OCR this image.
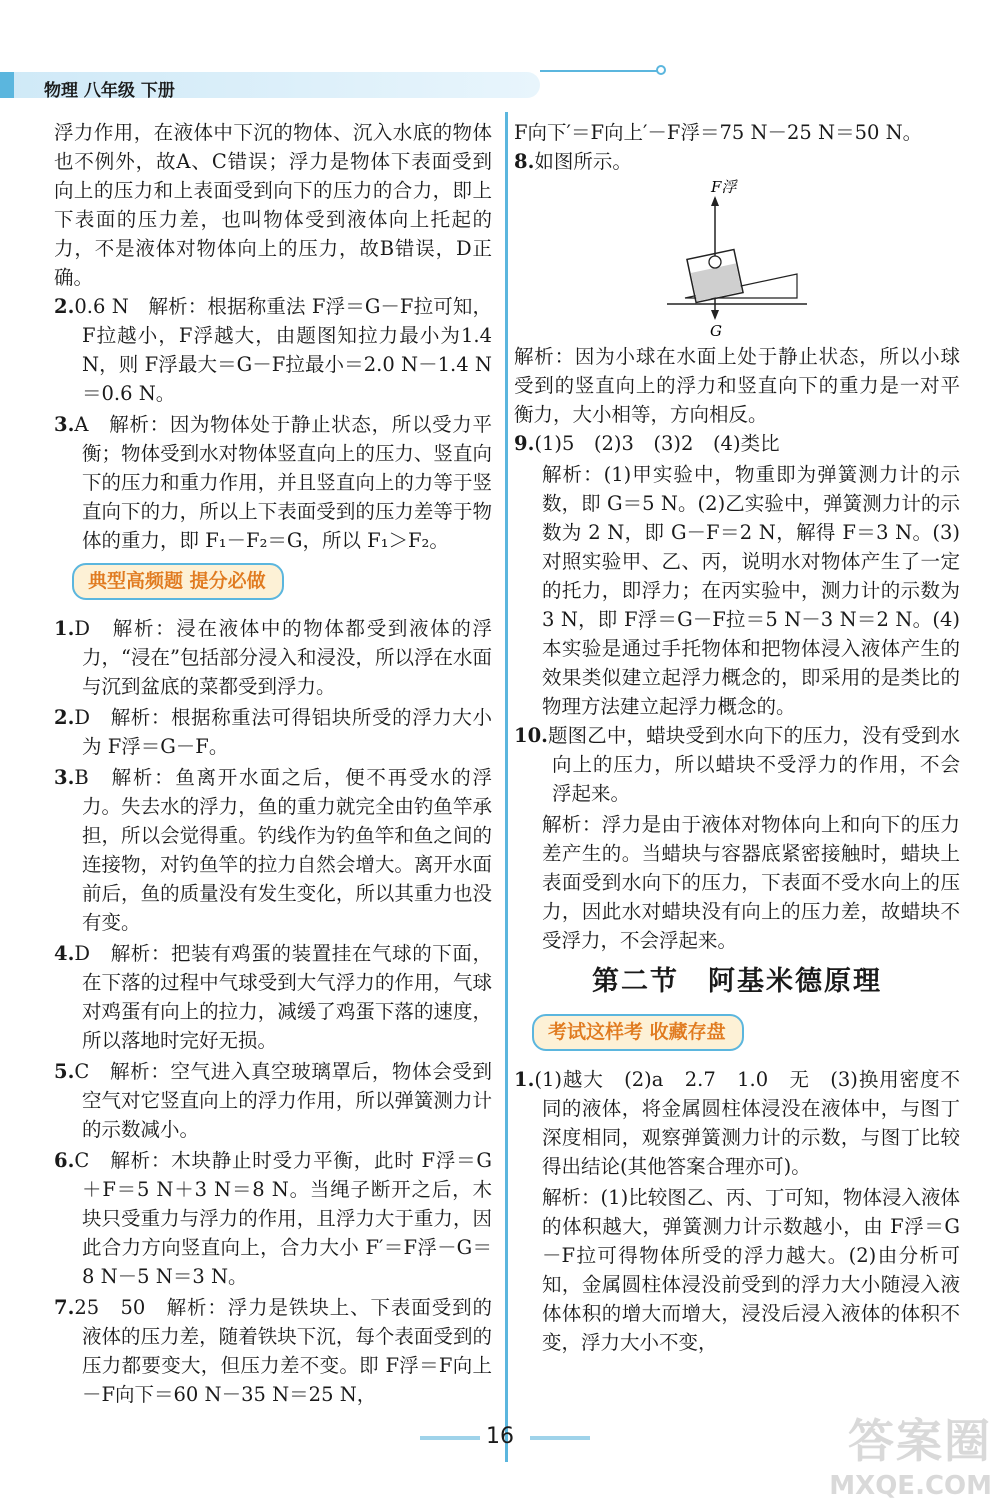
物理 八年级 下册

浮力作用，在液体中下沉的物体、沉入水底的物体也不例外，故A、C错误；浮力是物体下表面受到向上的压力和上表面受到向下的压力的合力，即上下表面的压力差，也叫物体受到液体向上托起的力，不是液体对物体向上的压力，故B错误，D正确。

2.0.6 N　解析：根据称重法 F浮＝G－F拉可知，F拉越小，F浮越大，由题图知拉力最小为1.4 N，则 F浮最大＝G－F拉最小＝2.0 N－1.4 N＝0.6 N。

3.A　解析：因为物体处于静止状态，所以受力平衡；物体受到水对物体竖直向上的压力、竖直向下的压力和重力作用，并且竖直向上的力等于竖直向下的力，所以上下表面受到的压力差等于物体的重力，即 F₁－F₂＝G，所以 F₁＞F₂。

典型高频题 提分必做

1.D　解析：浸在液体中的物体都受到液体的浮力，“浸在”包括部分浸入和浸没，所以浮在水面与沉到盆底的菜都受到浮力。

2.D　解析：根据称重法可得铝块所受的浮力大小为 F浮＝G－F。

3.B　解析：鱼离开水面之后，便不再受水的浮力。失去水的浮力，鱼的重力就完全由钓鱼竿承担，所以会觉得重。钓线作为钓鱼竿和鱼之间的连接物，对钓鱼竿的拉力自然会增大。离开水面前后，鱼的质量没有发生变化，所以其重力也没有变。

4.D　解析：把装有鸡蛋的装置挂在气球的下面，在下落的过程中气球受到大气浮力的作用，气球对鸡蛋有向上的拉力，减缓了鸡蛋下落的速度，所以落地时完好无损。

5.C　解析：空气进入真空玻璃罩后，物体会受到空气对它竖直向上的浮力作用，所以弹簧测力计的示数减小。

6.C　解析：木块静止时受力平衡，此时 F浮＝G＋F＝5 N＋3 N＝8 N。当绳子断开之后，木块只受重力与浮力的作用，且浮力大于重力，因此合力方向竖直向上，合力大小 F′＝F浮－G＝8 N－5 N＝3 N。

7.25　50　解析：浮力是铁块上、下表面受到的液体的压力差，随着铁块下沉，每个表面受到的压力都要变大，但压力差不变。即 F浮＝F向上－F向下＝60 N－35 N＝25 N，

F向下′＝F向上′－F浮＝75 N－25 N＝50 N。

8.如图所示。

F浮
G

解析：因为小球在水面上处于静止状态，所以小球受到的竖直向上的浮力和竖直向下的重力是一对平衡力，大小相等，方向相反。

9.(1)5　(2)3　(3)2　(4)类比

解析：(1)甲实验中，物重即为弹簧测力计的示数，即 G＝5 N。(2)乙实验中，弹簧测力计的示数为 2 N，即 G－F＝2 N，解得 F＝3 N。(3)对照实验甲、乙、丙，说明水对物体产生了一定的托力，即浮力；在丙实验中，测力计的示数为 3 N，即 F浮＝G－F拉＝5 N－3 N＝2 N。(4)本实验是通过手托物体和把物体浸入液体产生的效果类似建立起浮力概念的，即采用的是类比的物理方法建立起浮力概念的。

10.题图乙中，蜡块受到水向下的压力，没有受到水向上的压力，所以蜡块不受浮力的作用，不会浮起来。

解析：浮力是由于液体对物体向上和向下的压力差产生的。当蜡块与容器底紧密接触时，蜡块上表面受到水向下的压力，下表面不受水向上的压力，因此水对蜡块没有向上的压力差，故蜡块不受浮力，不会浮起来。

第二节　阿基米德原理
考试这样考 收藏存盘

1.(1)越大　(2)a　2.7　1.0　无　(3)换用密度不同的液体，将金属圆柱体浸没在液体中，与图丁深度相同，观察弹簧测力计的示数，与图丁比较得出结论(其他答案合理亦可)。

解析：(1)比较图乙、丙、丁可知，物体浸入液体的体积越大，弹簧测力计示数越小，由 F浮＝G－F拉可得物体所受的浮力越大。(2)由分析可知，金属圆柱体浸没前受到的浮力大小随浸入液体体积的增大而增大，浸没后浸入液体的体积不变，浮力大小不变，

16	答案圈
MXQE.COM
